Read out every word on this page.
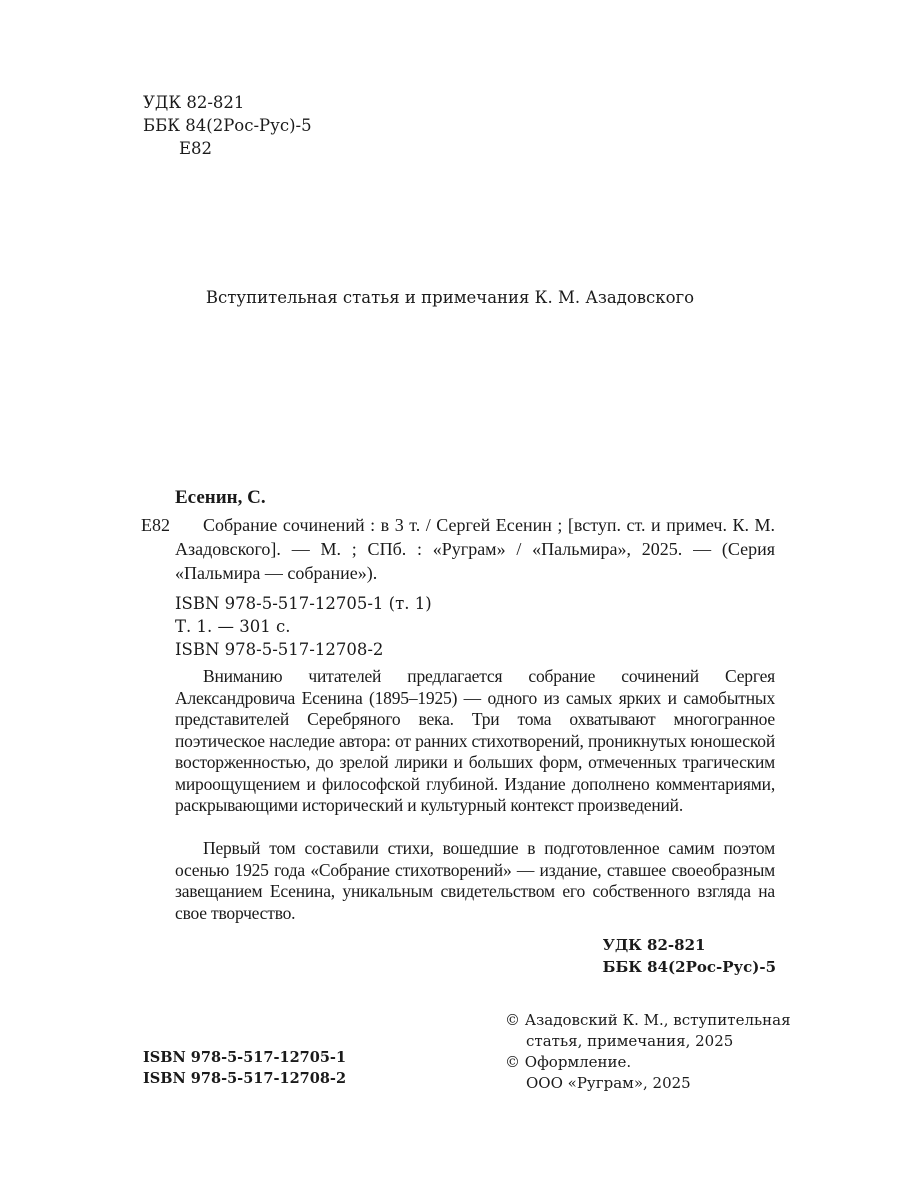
УДК 82-821
ББК 84(2Рос-Рус)-5
Е82
Вступительная статья и примечания К. М. Азадовского
Есенин, С.
Е82	Собрание сочинений : в 3 т. / Сергей Есенин ; [вступ. ст. и примеч. К. М. Азадовского]. — М. ; СПб. : «Руграм» / «Пальмира», 2025. — (Серия «Пальмира — собрание»).
ISBN 978-5-517-12705-1 (т. 1)
Т. 1. — 301 с.
ISBN 978-5-517-12708-2
Вниманию читателей предлагается собрание сочинений Сергея Александровича Есенина (1895–1925) — одного из самых ярких и самобытных представителей Серебряного века. Три тома охватывают многогранное поэтическое наследие автора: от ранних стихотворений, проникнутых юношеской восторженностью, до зрелой лирики и больших форм, отмеченных трагическим мироощущением и философской глубиной. Издание дополнено комментариями, раскрывающими исторический и культурный контекст произведений.
Первый том составили стихи, вошедшие в подготовленное самим поэтом осенью 1925 года «Собрание стихотворений» — издание, ставшее своеобразным завещанием Есенина, уникальным свидетельством его собственного взгляда на свое творчество.
УДК 82-821
ББК 84(2Рос-Рус)-5
© Азадовский К. М., вступительная
статья, примечания, 2025
© Оформление.
ООО «Руграм», 2025
ISBN 978-5-517-12705-1
ISBN 978-5-517-12708-2
